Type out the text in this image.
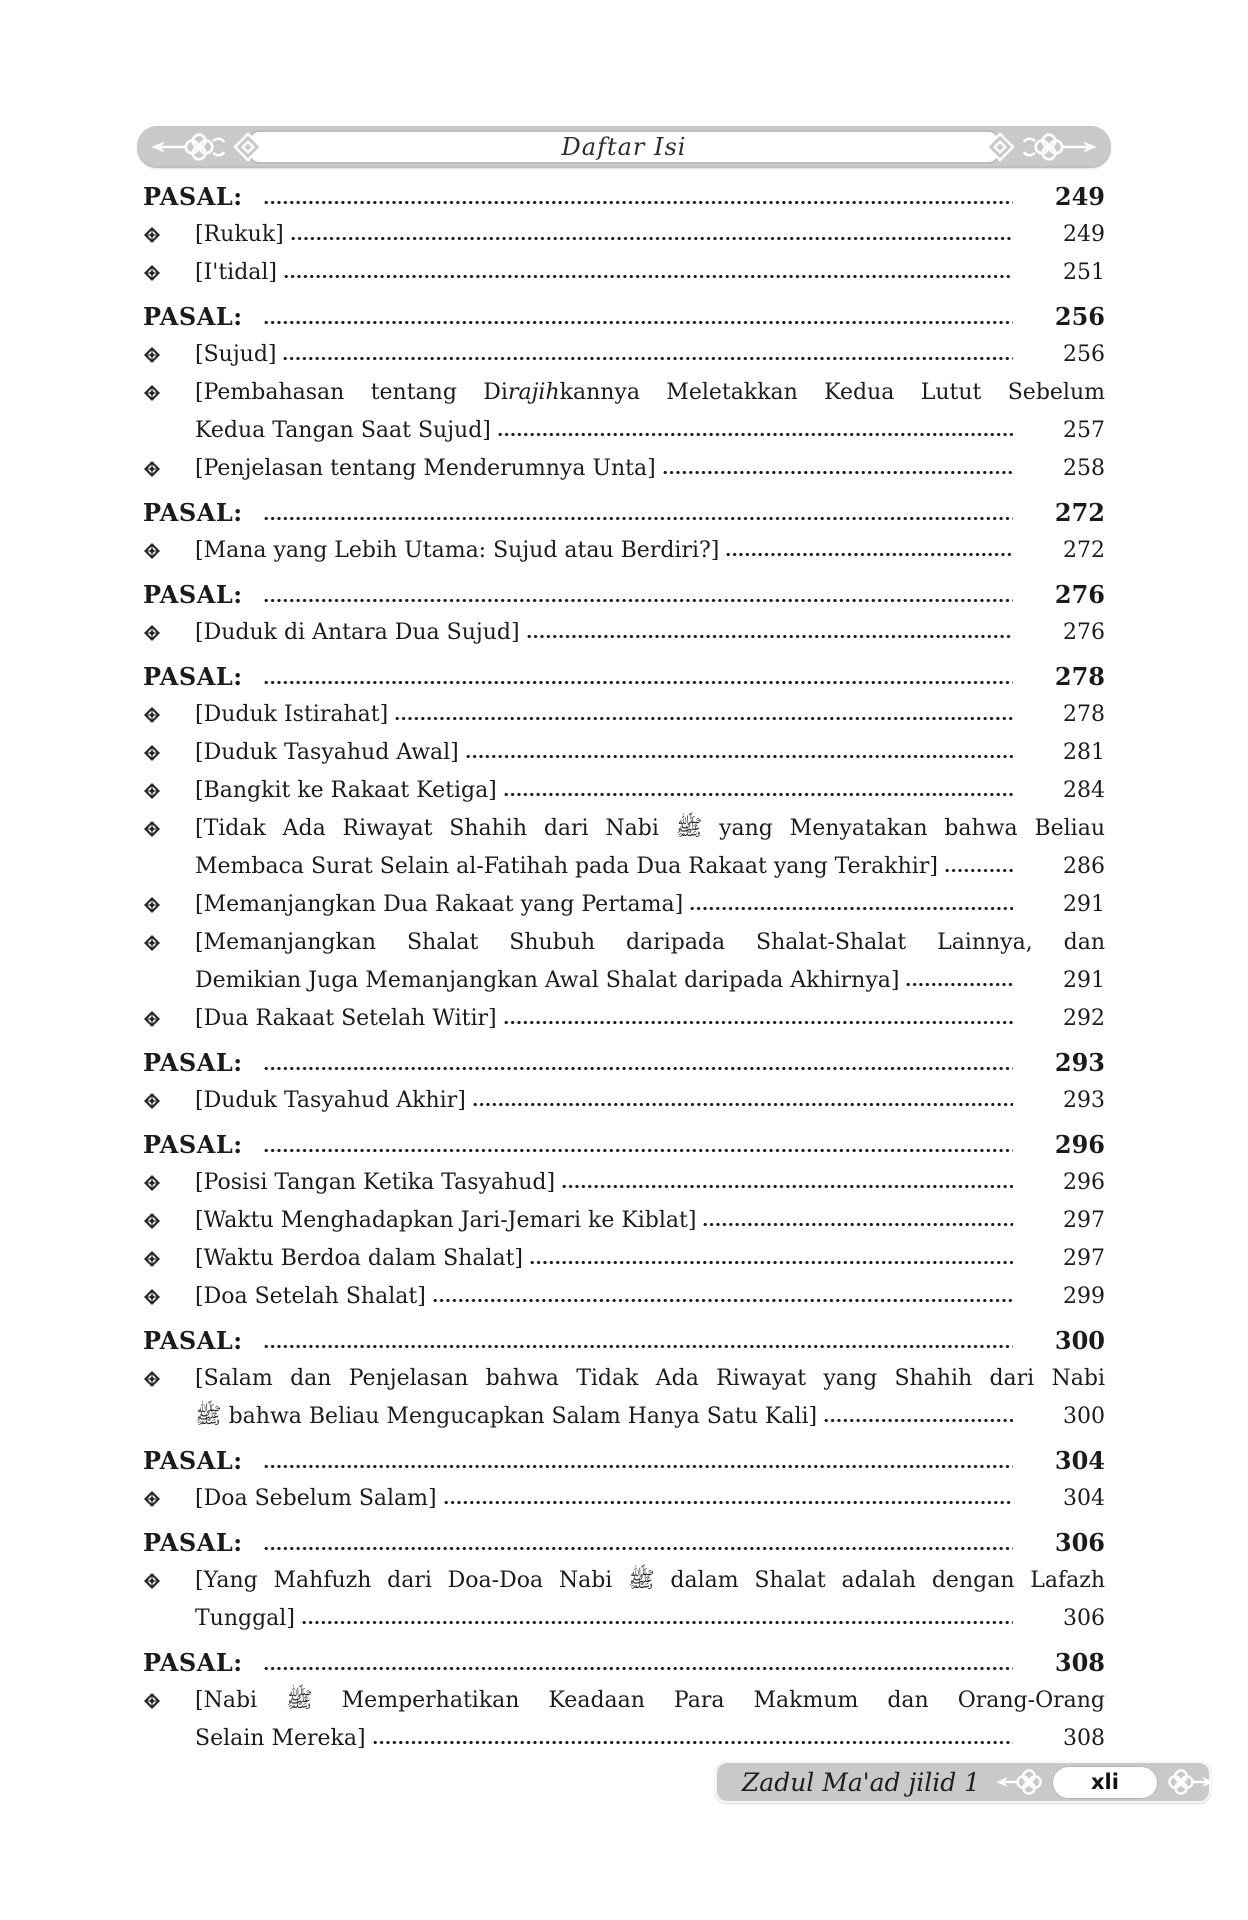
Daftar Isi
PASAL:	249
[Rukuk]	249
[I'tidal]	251
PASAL:	256
[Sujud]	256
[Pembahasan tentang Dirajihkannya Meletakkan Kedua Lutut Sebelum
Kedua Tangan Saat Sujud]	257
[Penjelasan tentang Menderumnya Unta]	258
PASAL:	272
[Mana yang Lebih Utama: Sujud atau Berdiri?]	272
PASAL:	276
[Duduk di Antara Dua Sujud]	276
PASAL:	278
[Duduk Istirahat]	278
[Duduk Tasyahud Awal]	281
[Bangkit ke Rakaat Ketiga]	284
[Tidak Ada Riwayat Shahih dari Nabi ﷺ yang Menyatakan bahwa Beliau
Membaca Surat Selain al-Fatihah pada Dua Rakaat yang Terakhir]	286
[Memanjangkan Dua Rakaat yang Pertama]	291
[Memanjangkan Shalat Shubuh daripada Shalat-Shalat Lainnya, dan
Demikian Juga Memanjangkan Awal Shalat daripada Akhirnya]	291
[Dua Rakaat Setelah Witir]	292
PASAL:	293
[Duduk Tasyahud Akhir]	293
PASAL:	296
[Posisi Tangan Ketika Tasyahud]	296
[Waktu Menghadapkan Jari-Jemari ke Kiblat]	297
[Waktu Berdoa dalam Shalat]	297
[Doa Setelah Shalat]	299
PASAL:	300
[Salam dan Penjelasan bahwa Tidak Ada Riwayat yang Shahih dari Nabi
ﷺ bahwa Beliau Mengucapkan Salam Hanya Satu Kali]	300
PASAL:	304
[Doa Sebelum Salam]	304
PASAL:	306
[Yang Mahfuzh dari Doa-Doa Nabi ﷺ dalam Shalat adalah dengan Lafazh
Tunggal]	306
PASAL:	308
[Nabi ﷺ Memperhatikan Keadaan Para Makmum dan Orang-Orang
Selain Mereka]	308
Zadul Ma'ad jilid 1	xli
